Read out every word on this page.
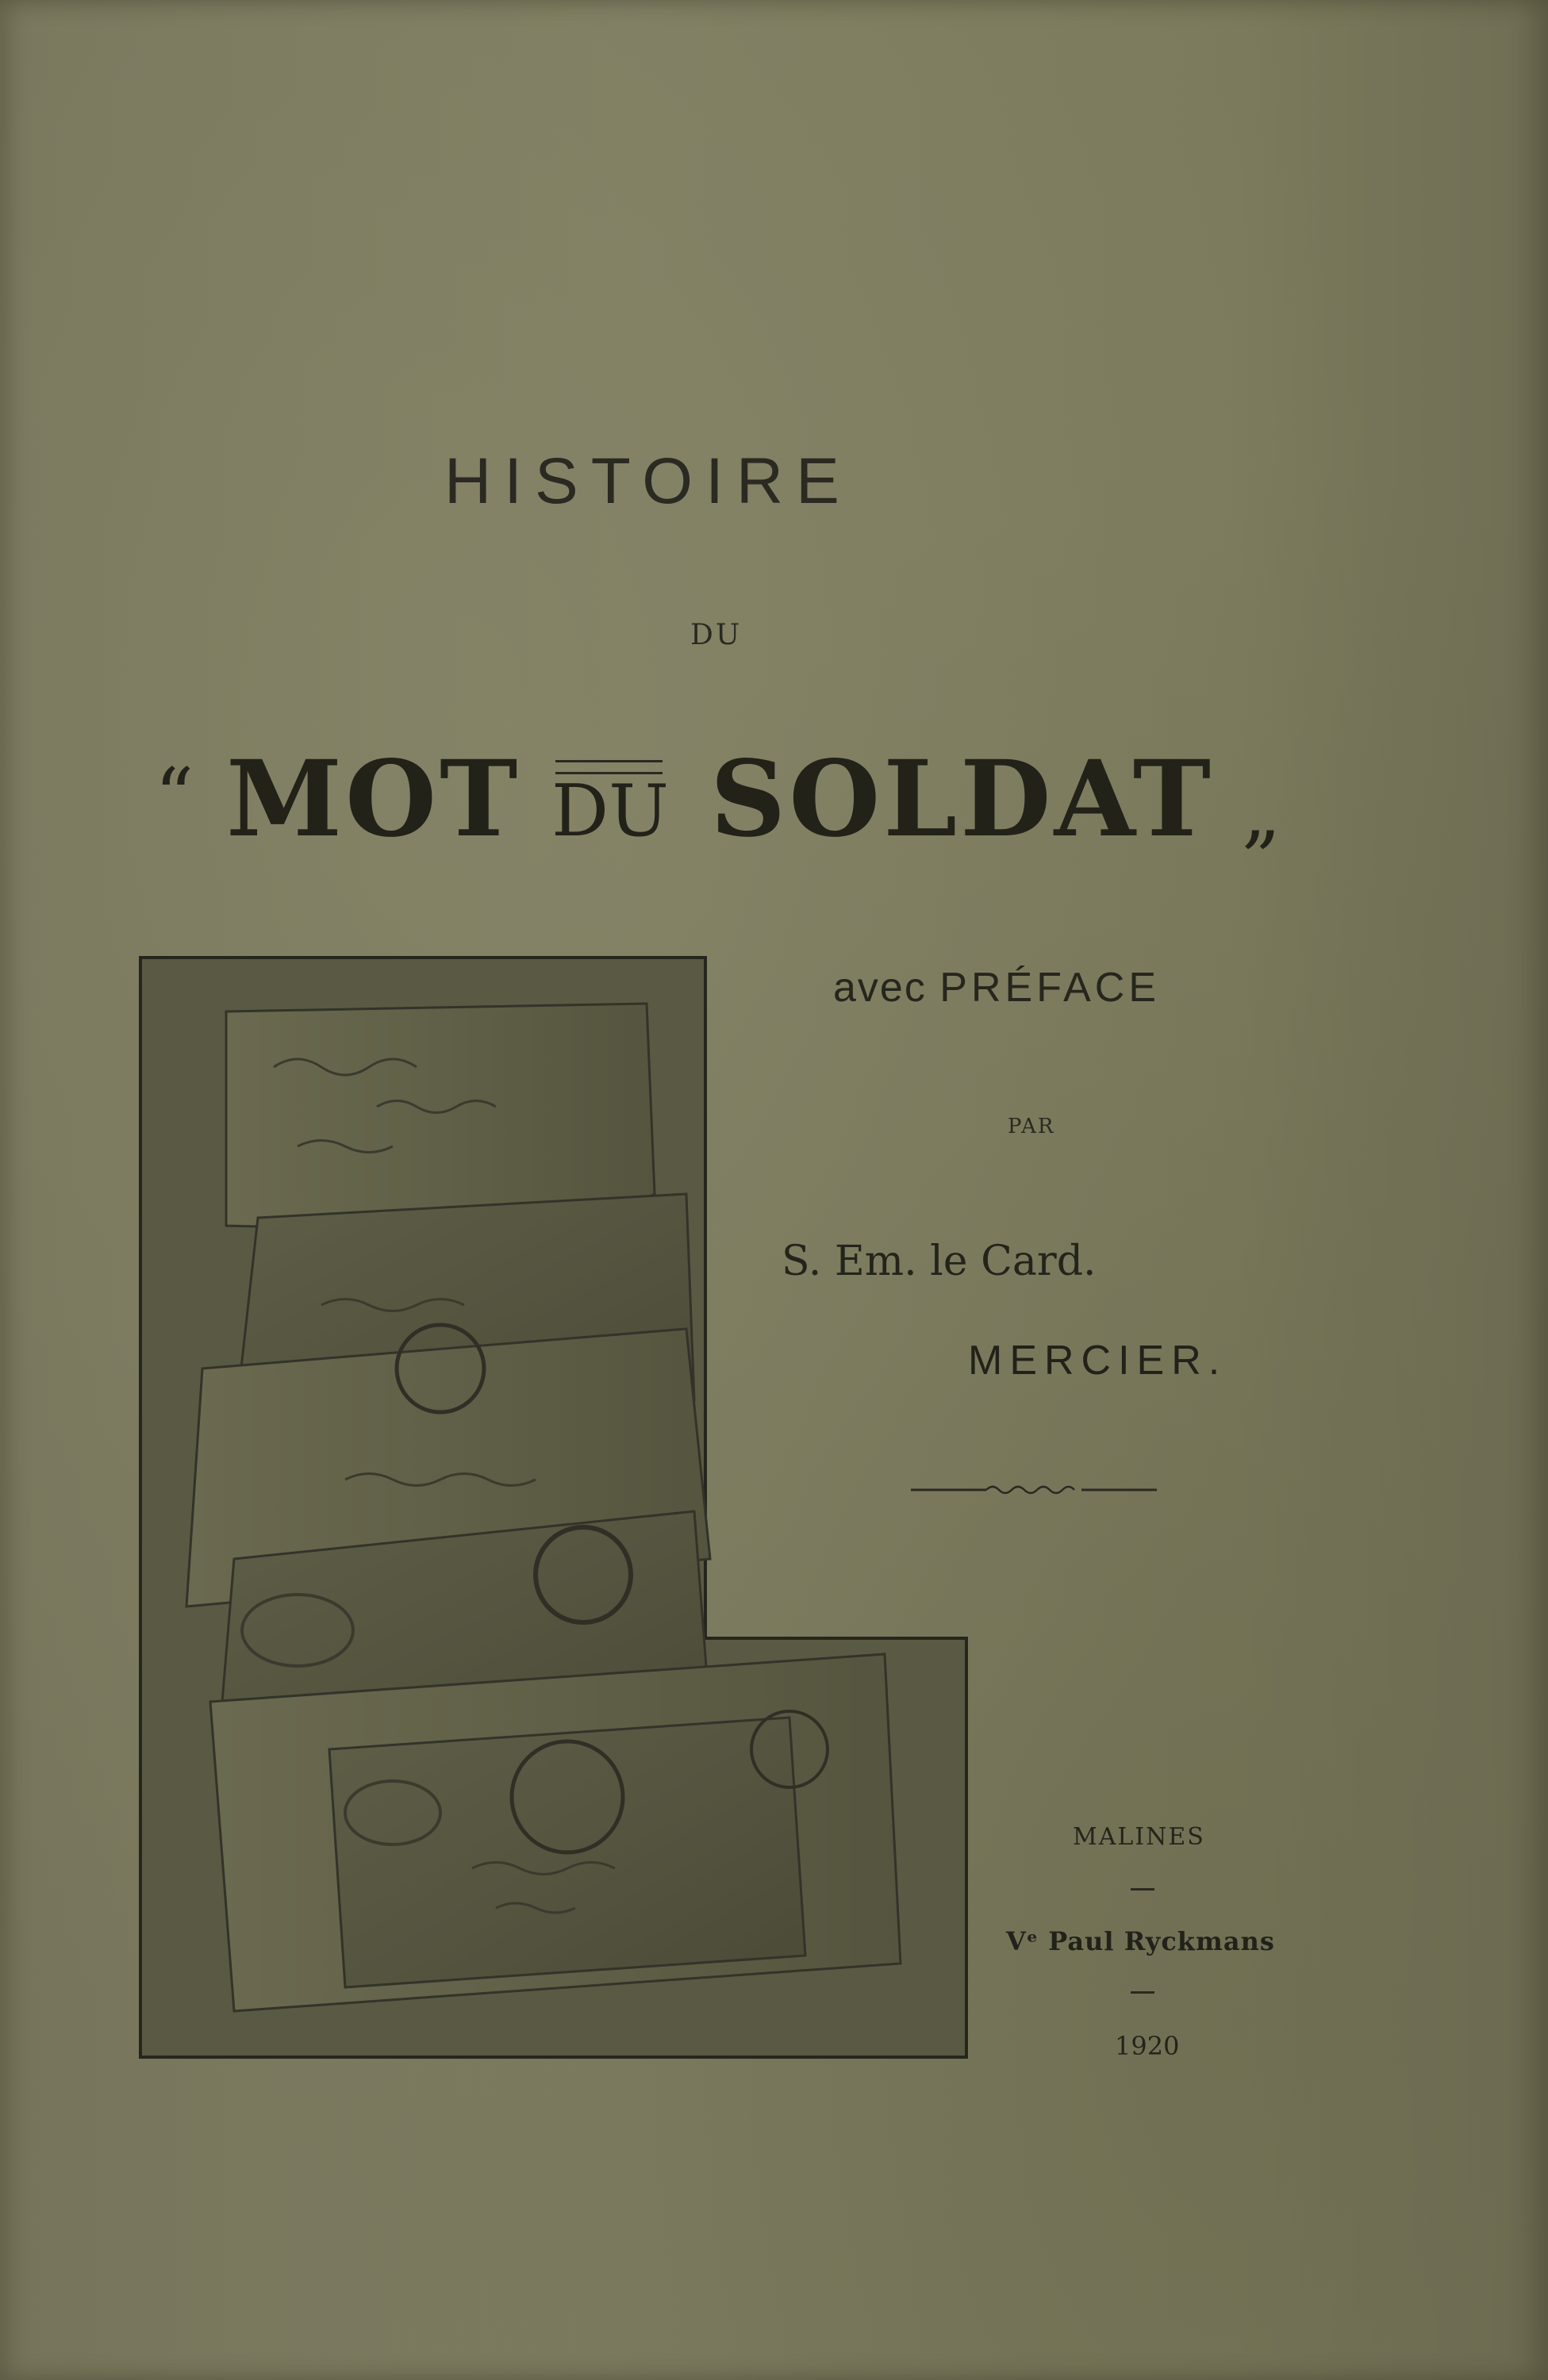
HISTOIRE
DU
“ MOT DU SOLDAT „
avec PRÉFACE
PAR
S. Em. le Card.
MERCIER.
MALINES
Vᵉ Paul Ryckmans
1920
